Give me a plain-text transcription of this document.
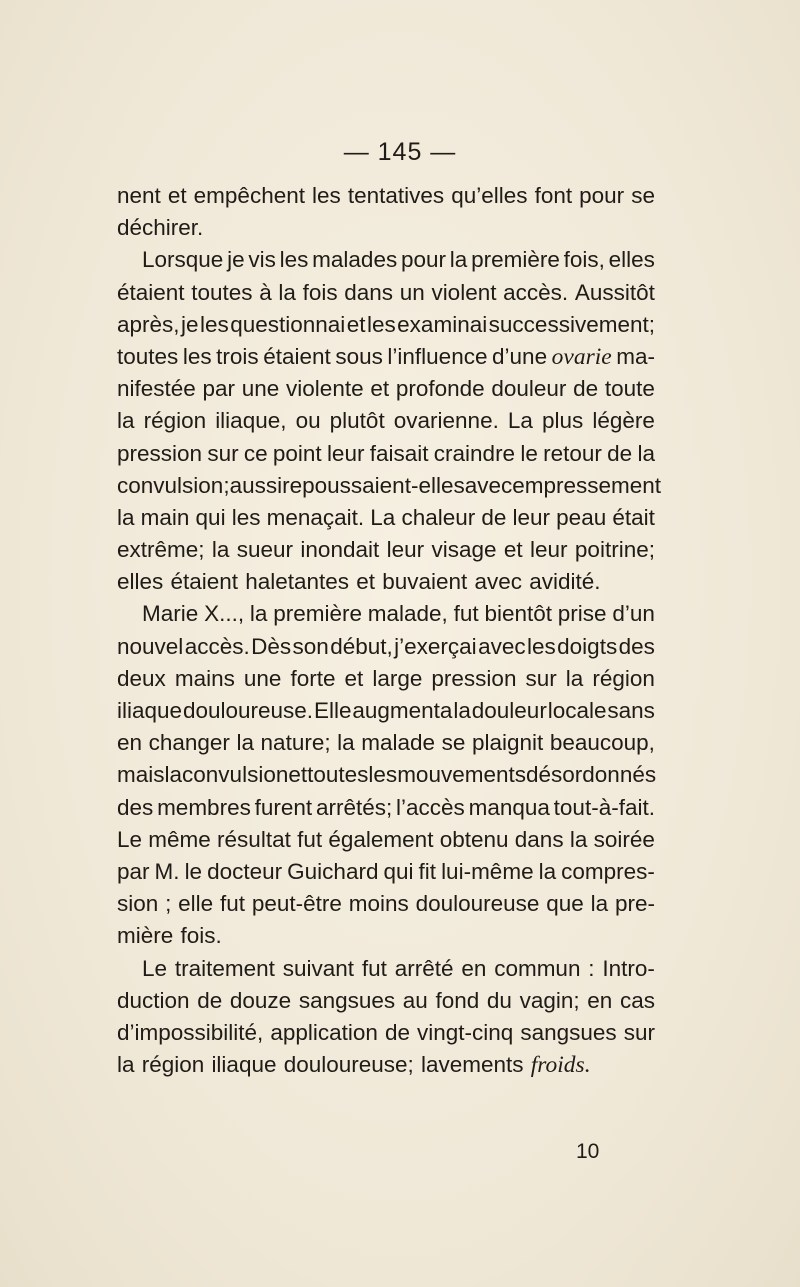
— 145 —
nent et empêchent les tentatives qu’elles font pour se
déchirer.
Lorsque je vis les malades pour la première fois, elles
étaient toutes à la fois dans un violent accès. Aussitôt
après, je les questionnai et les examinai successivement;
toutes les trois étaient sous l’influence d’une ovarie ma-
nifestée par une violente et profonde douleur de toute
la région iliaque, ou plutôt ovarienne. La plus légère
pression sur ce point leur faisait craindre le retour de la
convulsion; aussi repoussaient-elles avec empressement
la main qui les menaçait. La chaleur de leur peau était
extrême; la sueur inondait leur visage et leur poitrine;
elles étaient haletantes et buvaient avec avidité.
Marie X..., la première malade, fut bientôt prise d’un
nouvel accès. Dès son début, j’exerçai avec les doigts des
deux mains une forte et large pression sur la région
iliaque douloureuse. Elle augmenta la douleur locale sans
en changer la nature; la malade se plaignit beaucoup,
mais la convulsion et toutes les mouvements désordonnés
des membres furent arrêtés; l’accès manqua tout-à-fait.
Le même résultat fut également obtenu dans la soirée
par M. le docteur Guichard qui fit lui-même la compres-
sion ; elle fut peut-être moins douloureuse que la pre-
mière fois.
Le traitement suivant fut arrêté en commun : Intro-
duction de douze sangsues au fond du vagin; en cas
d’impossibilité, application de vingt-cinq sangsues sur
la région iliaque douloureuse; lavements froids.
10
